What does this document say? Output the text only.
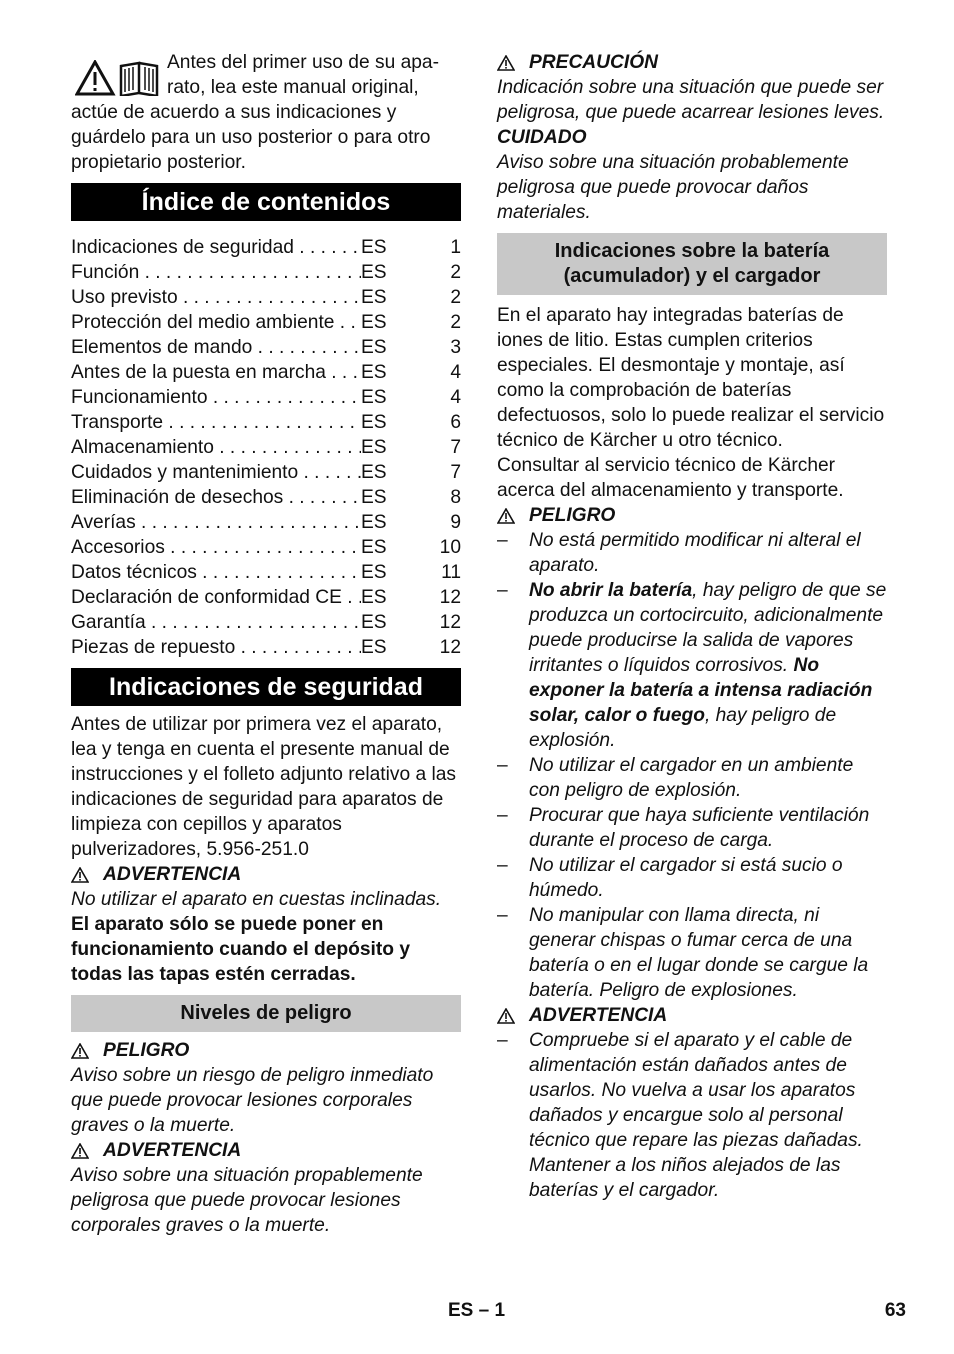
Antes del primer uso de su apa-

rato, lea este manual original,

actúe de acuerdo a sus indicaciones y guárdelo para un uso posterior o para otro propietario posterior.

Índice de contenidos
Indicaciones de seguridad . . .	ES	1
Función . . .	ES	2
Uso previsto . . .	ES	2
Protección del medio ambiente . . .	ES	2
Elementos de mando . . .	ES	3
Antes de la puesta en marcha . . .	ES	4
Funcionamiento . . .	ES	4
Transporte . . .	ES	6
Almacenamiento . . .	ES	7
Cuidados y mantenimiento . . .	ES	7
Eliminación de desechos . . .	ES	8
Averías . . .	ES	9
Accesorios . . .	ES	10
Datos técnicos . . .	ES	11
Declaración de conformidad CE . . . ES	12
Garantía . . .	ES	12
Piezas de repuesto . . .	ES	12
Indicaciones de seguridad

Antes de utilizar por primera vez el aparato, lea y tenga en cuenta el presente manual de instrucciones y el folleto adjunto relativo a las indicaciones de seguridad para aparatos de limpieza con cepillos y aparatos pulverizadores, 5.956-251.0

ADVERTENCIA

No utilizar el aparato en cuestas inclinadas.

El aparato sólo se puede poner en funcionamiento cuando el depósito y todas las tapas estén cerradas.

Niveles de peligro
PELIGRO

Aviso sobre un riesgo de peligro inmediato que puede provocar lesiones corporales graves o la muerte.

ADVERTENCIA

Aviso sobre una situación propablemente peligrosa que puede provocar lesiones corporales graves o la muerte.

PRECAUCIÓN

Indicación sobre una situación que puede ser peligrosa, que puede acarrear lesiones leves.

CUIDADO

Aviso sobre una situación probablemente peligrosa que puede provocar daños materiales.

Indicaciones sobre la batería
(acumulador) y el cargador

En el aparato hay integradas baterías de iones de litio. Estas cumplen criterios especiales. El desmontaje y montaje, así como la comprobación de baterías defectuosos, solo lo puede realizar el servicio técnico de Kärcher u otro técnico.

Consultar al servicio técnico de Kärcher acerca del almacenamiento y transporte.

PELIGRO
–	No está permitido modificar ni alteral el aparato.
–	No abrir la batería, hay peligro de que se produzca un cortocircuito, adicionalmente puede producirse la salida de vapores irritantes o líquidos corrosivos. No exponer la batería a intensa radiación solar, calor o fuego, hay peligro de explosión.
–	No utilizar el cargador en un ambiente con peligro de explosión.
–	Procurar que haya suficiente ventilación durante el proceso de carga.
–	No utilizar el cargador si está sucio o húmedo.
–	No manipular con llama directa, ni generar chispas o fumar cerca de una batería o en el lugar donde se cargue la batería. Peligro de explosiones.
ADVERTENCIA
–	Compruebe si el aparato y el cable de alimentación están dañados antes de usarlos. No vuelva a usar los aparatos dañados y encargue solo al personal técnico que repare las piezas dañadas. Mantener a los niños alejados de las baterías y el cargador.
ES – 1	63
